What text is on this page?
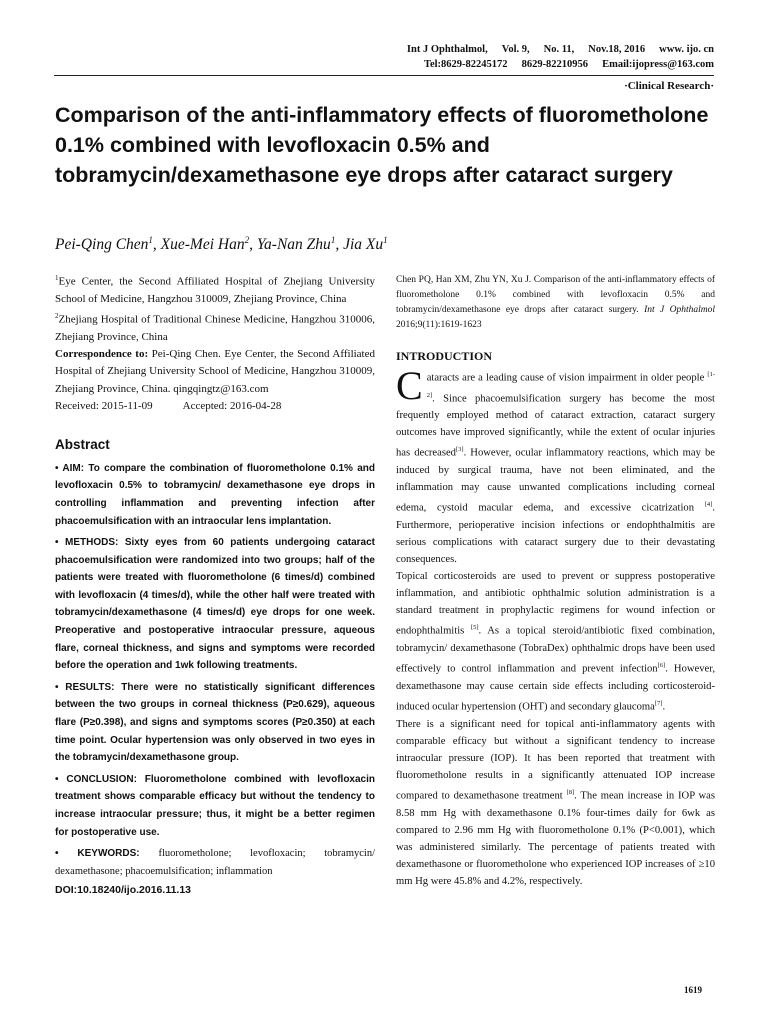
Int J Ophthalmol, Vol. 9, No. 11, Nov.18, 2016 www. ijo. cn
Tel:8629-82245172 8629-82210956 Email:ijopress@163.com
·Clinical Research·
Comparison of the anti-inflammatory effects of fluorometholone 0.1% combined with levofloxacin 0.5% and tobramycin/dexamethasone eye drops after cataract surgery
Pei-Qing Chen$^1$, Xue-Mei Han$^2$, Ya-Nan Zhu$^1$, Jia Xu$^1$

$^1$Eye Center, the Second Affiliated Hospital of Zhejiang University School of Medicine, Hangzhou 310009, Zhejiang Province, China

$^2$Zhejiang Hospital of Traditional Chinese Medicine, Hangzhou 310006, Zhejiang Province, China

Correspondence to: Pei-Qing Chen. Eye Center, the Second Affiliated Hospital of Zhejiang University School of Medicine, Hangzhou 310009, Zhejiang Province, China. qingqingtz@163.com

Received: 2015-11-09	Accepted: 2016-04-28
Abstract
• AIM: To compare the combination of fluorometholone 0.1% and levofloxacin 0.5% to tobramycin/ dexamethasone eye drops in controlling inflammation and preventing infection after phacoemulsification with an intraocular lens implantation.
• METHODS: Sixty eyes from 60 patients undergoing cataract phacoemulsification were randomized into two groups; half of the patients were treated with fluorometholone (6 times/d) combined with levofloxacin (4 times/d), while the other half were treated with tobramycin/dexamethasone (4 times/d) eye drops for one week. Preoperative and postoperative intraocular pressure, aqueous flare, corneal thickness, and signs and symptoms were recorded before the operation and 1wk following treatments.
• RESULTS: There were no statistically significant differences between the two groups in corneal thickness (P≥0.629), aqueous flare (P≥0.398), and signs and symptoms scores (P≥0.350) at each time point. Ocular hypertension was only observed in two eyes in the tobramycin/dexamethasone group.
• CONCLUSION: Fluorometholone combined with levofloxacin treatment shows comparable efficacy but without the tendency to increase intraocular pressure; thus, it might be a better regimen for postoperative use.
• KEYWORDS: fluorometholone; levofloxacin; tobramycin/ dexamethasone; phacoemulsification; inflammation
DOI:10.18240/ijo.2016.11.13
Chen PQ, Han XM, Zhu YN, Xu J. Comparison of the anti-inflammatory effects of fluorometholone 0.1% combined with levofloxacin 0.5% and tobramycin/dexamethasone eye drops after cataract surgery. Int J Ophthalmol 2016;9(11):1619-1623
INTRODUCTION

Cataracts are a leading cause of vision impairment in older people [1-2]. Since phacoemulsification surgery has become the most frequently employed method of cataract extraction, cataract surgery outcomes have improved significantly, while the extent of ocular injuries has decreased[3]. However, ocular inflammatory reactions, which may be induced by surgical trauma, have not been eliminated, and the inflammation may cause unwanted complications including corneal edema, cystoid macular edema, and excessive cicatrization [4]. Furthermore, perioperative incision infections or endophthalmitis are serious complications with cataract surgery due to their devastating consequences.

Topical corticosteroids are used to prevent or suppress postoperative inflammation, and antibiotic ophthalmic solution administration is a standard treatment in prophylactic regimens for wound infection or endophthalmitis [5]. As a topical steroid/antibiotic fixed combination, tobramycin/ dexamethasone (TobraDex) ophthalmic drops have been used effectively to control inflammation and prevent infection[6]. However, dexamethasone may cause certain side effects including corticosteroid-induced ocular hypertension (OHT) and secondary glaucoma[7].

There is a significant need for topical anti-inflammatory agents with comparable efficacy but without a significant tendency to increase intraocular pressure (IOP). It has been reported that treatment with fluorometholone results in a significantly attenuated IOP increase compared to dexamethasone treatment [8]. The mean increase in IOP was 8.58 mm Hg with dexamethasone 0.1% four-times daily for 6wk as compared to 2.96 mm Hg with fluorometholone 0.1% (P<0.001), which was administered similarly. The percentage of patients treated with dexamethasone or fluorometholone who experienced IOP increases of ≥10 mm Hg were 45.8% and 4.2%, respectively.

1619
